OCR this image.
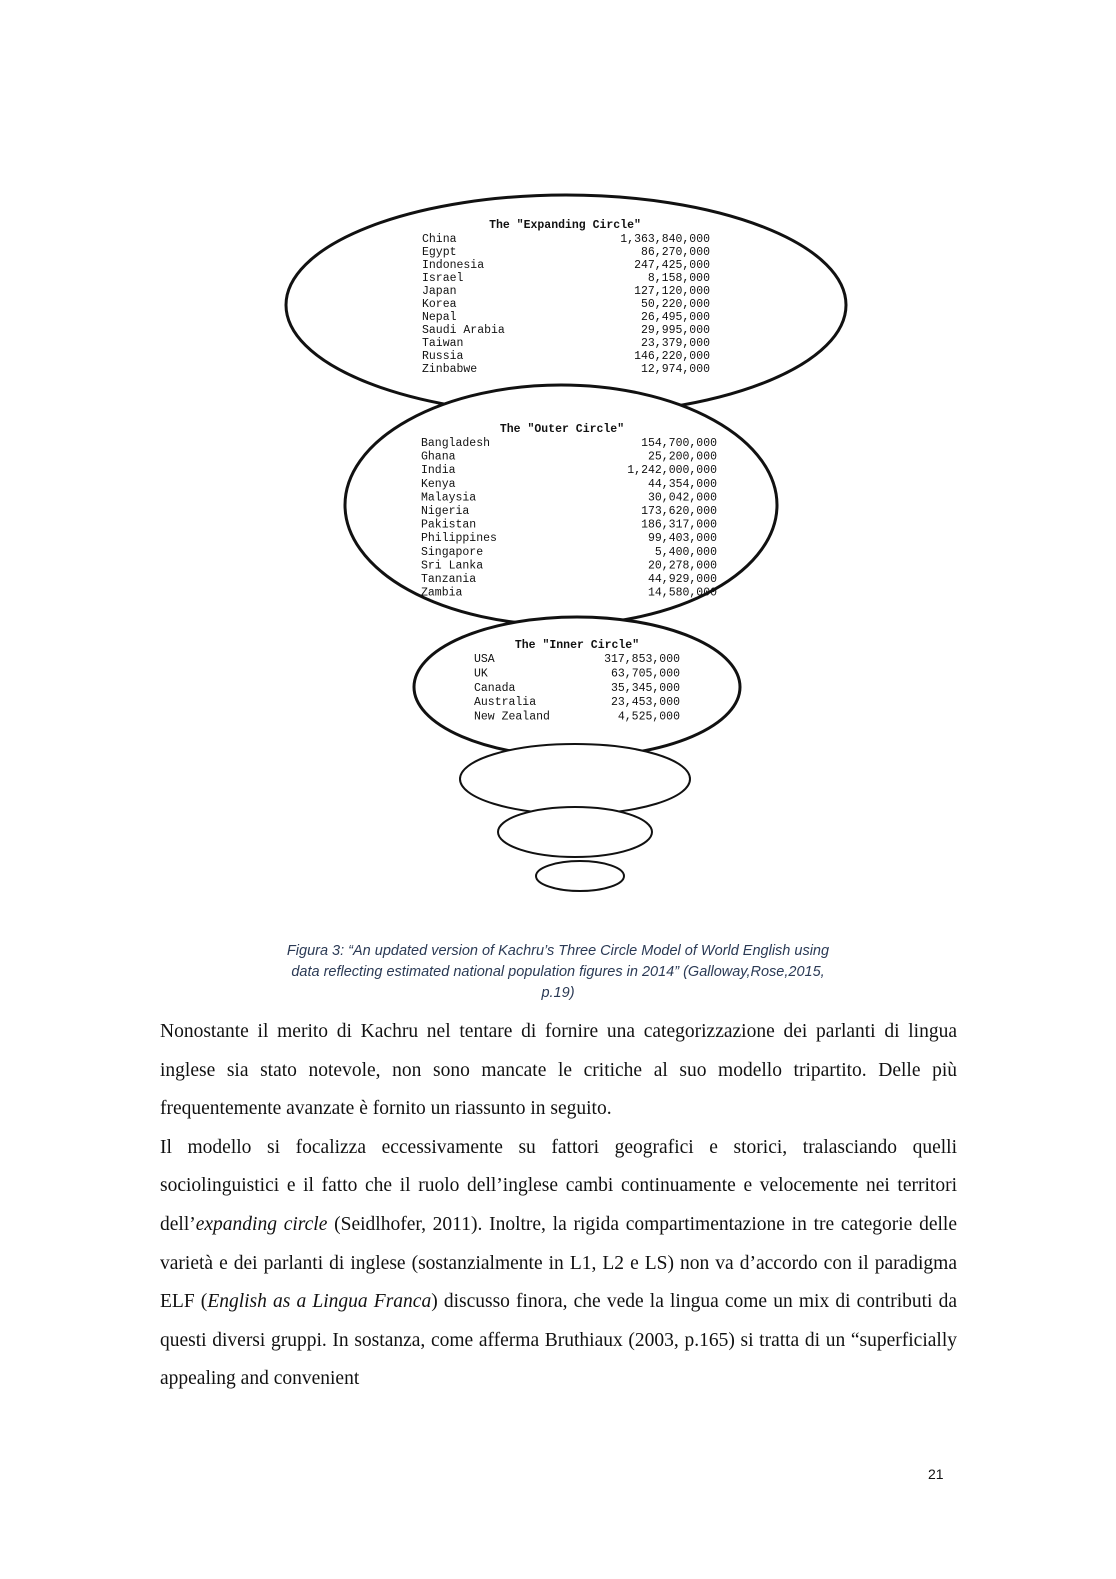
The "Expanding Circle"
China	1,363,840,000
Egypt	86,270,000
Indonesia	247,425,000
Israel	8,158,000
Japan	127,120,000
Korea	50,220,000
Nepal	26,495,000
Saudi Arabia	29,995,000
Taiwan	23,379,000
Russia	146,220,000
Zinbabwe	12,974,000
The "Outer Circle"
Bangladesh	154,700,000
Ghana	25,200,000
India	1,242,000,000
Kenya	44,354,000
Malaysia	30,042,000
Nigeria	173,620,000
Pakistan	186,317,000
Philippines	99,403,000
Singapore	5,400,000
Sri Lanka	20,278,000
Tanzania	44,929,000
Zambia	14,580,000
The "Inner Circle"
USA	317,853,000
UK	63,705,000
Canada	35,345,000
Australia	23,453,000
New Zealand	4,525,000
Figura 3: “An updated version of Kachru’s Three Circle Model of World English using
data reflecting estimated national population figures in 2014” (Galloway,Rose,2015,
p.19)

Nonostante il merito di Kachru nel tentare di fornire una categorizzazione dei parlanti di lingua inglese sia stato notevole, non sono mancate le critiche al suo modello tripartito. Delle più frequentemente avanzate è fornito un riassunto in seguito.

Il modello si focalizza eccessivamente su fattori geografici e storici, tralasciando quelli sociolinguistici e il fatto che il ruolo dell’inglese cambi continuamente e velocemente nei territori dell’expanding circle (Seidlhofer, 2011). Inoltre, la rigida compartimentazione in tre categorie delle varietà e dei parlanti di inglese (sostanzialmente in L1, L2 e LS) non va d’accordo con il paradigma ELF (English as a Lingua Franca) discusso finora, che vede la lingua come un mix di contributi da questi diversi gruppi. In sostanza, come afferma Bruthiaux (2003, p.165) si tratta di un “superficially appealing and convenient

21
